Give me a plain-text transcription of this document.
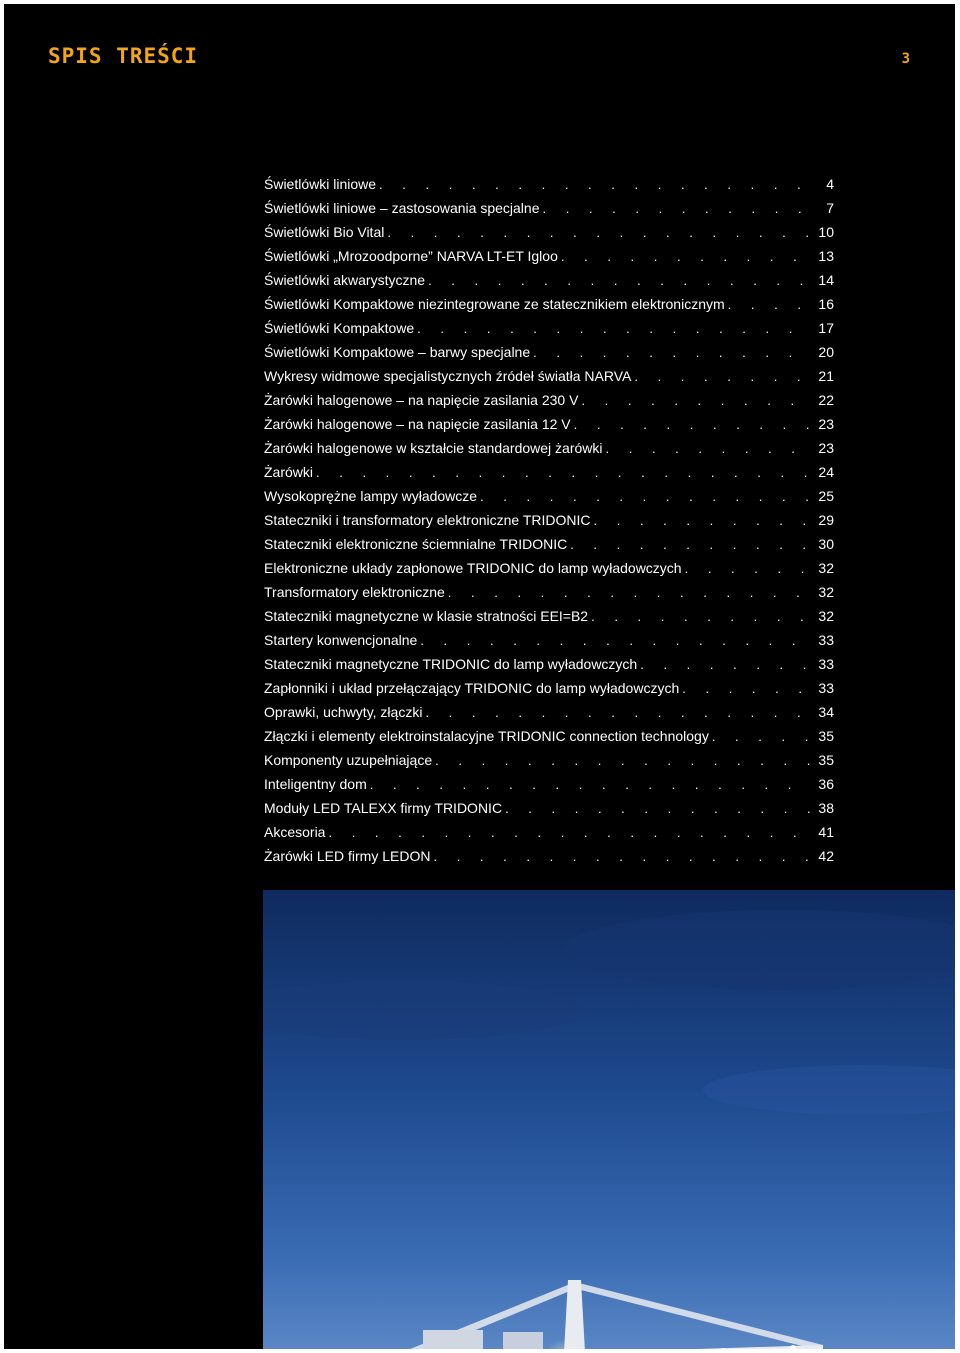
SPIS TREŚCI	3
Świetlówki liniowe . . .	4
Świetlówki liniowe – zastosowania specjalne . . .	7
Świetlówki Bio Vital . . .	10
Świetlówki „Mrozoodporne” NARVA LT-ET Igloo . . .	13
Świetlówki akwarystyczne . . .	14
Świetlówki Kompaktowe niezintegrowane ze statecznikiem elektronicznym . . .	16
Świetlówki Kompaktowe . . .	17
Świetlówki Kompaktowe – barwy specjalne . . .	20
Wykresy widmowe specjalistycznych źródeł światła NARVA . . .	21
Żarówki halogenowe – na napięcie zasilania 230 V . . .	22
Żarówki halogenowe – na napięcie zasilania 12 V . . .	23
Żarówki halogenowe w kształcie standardowej żarówki . . .	23
Żarówki . . .	24
Wysokoprężne lampy wyładowcze . . .	25
Stateczniki i transformatory elektroniczne TRIDONIC . . .	29
Stateczniki elektroniczne ściemnialne TRIDONIC . . .	30
Elektroniczne układy zapłonowe TRIDONIC do lamp wyładowczych . . .	32
Transformatory elektroniczne . . .	32
Stateczniki magnetyczne w klasie stratności EEI=B2 . . .	32
Startery konwencjonalne . . .	33
Stateczniki magnetyczne TRIDONIC do lamp wyładowczych . . .	33
Zapłonniki i układ przełączający TRIDONIC do lamp wyładowczych . . .	33
Oprawki, uchwyty, złączki . . .	34
Złączki i elementy elektroinstalacyjne TRIDONIC connection technology . . .	35
Komponenty uzupełniające . . .	35
Inteligentny dom . . .	36
Moduły LED TALEXX firmy TRIDONIC . . .	38
Akcesoria . . .	41
Żarówki LED firmy LEDON . . .	42
